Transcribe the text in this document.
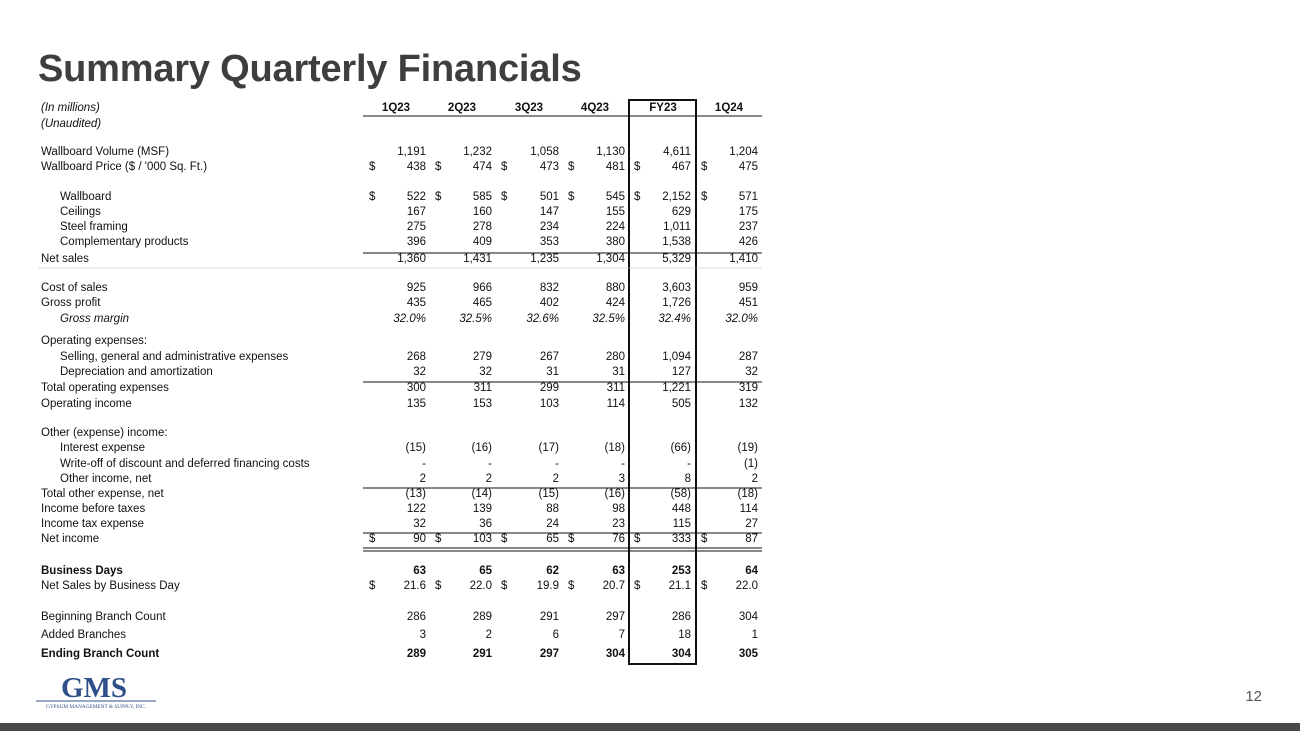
Summary Quarterly Financials
(In millions)
(Unaudited)
1Q23	2Q23	3Q23	4Q23	FY23	1Q24
Wallboard Volume (MSF)	1,191	1,232	1,058	1,130	4,611	1,204
Wallboard Price ($ / '000 Sq. Ft.)	$	438 $	474 $	473 $	481 $	467 $	475
Wallboard	$	522 $	585 $	501 $	545 $ 2,152 $	571
Ceilings	167	160	147	155	629	175
Steel framing	275	278	234	224	1,011	237
Complementary products	396	409	353	380	1,538	426
Net sales	1,360	1,431	1,235	1,304	5,329	1,410
Cost of sales	925	966	832	880	3,603	959
Gross profit	435	465	402	424	1,726	451
Gross margin	32.0%	32.5%	32.6%	32.5%	32.4%	32.0%
Operating expenses:
Selling, general and administrative expenses	268	279	267	280	1,094	287
Depreciation and amortization	32	32	31	31	127	32
Total operating expenses	300	311	299	311	1,221	319
Operating income	135	153	103	114	505	132
Other (expense) income:
Interest expense	(15)	(16)	(17)	(18)	(66)	(19)
Write-off of discount and deferred financing costs	-	-	-	-	-	(1)
Other income, net	2	2	2	3	8	2
Total other expense, net	(13)	(14)	(15)	(16)	(58)	(18)
Income before taxes	122	139	88	98	448	114
Income tax expense	32	36	24	23	115	27
Net income	$	90 $	103 $	65 $	76 $	333 $	87
Business Days	63	65	62	63	253	64
Net Sales by Business Day	$ 21.6 $ 22.0 $	19.9 $ 20.7 $ 21.1 $ 22.0
Beginning Branch Count	286	289	291	297	286	304
Added Branches	3	2	6	7	18	1
Ending Branch Count	289	291	297	304	304	305
GMS
GYPSUM MANAGEMENT & SUPPLY, INC.
12
